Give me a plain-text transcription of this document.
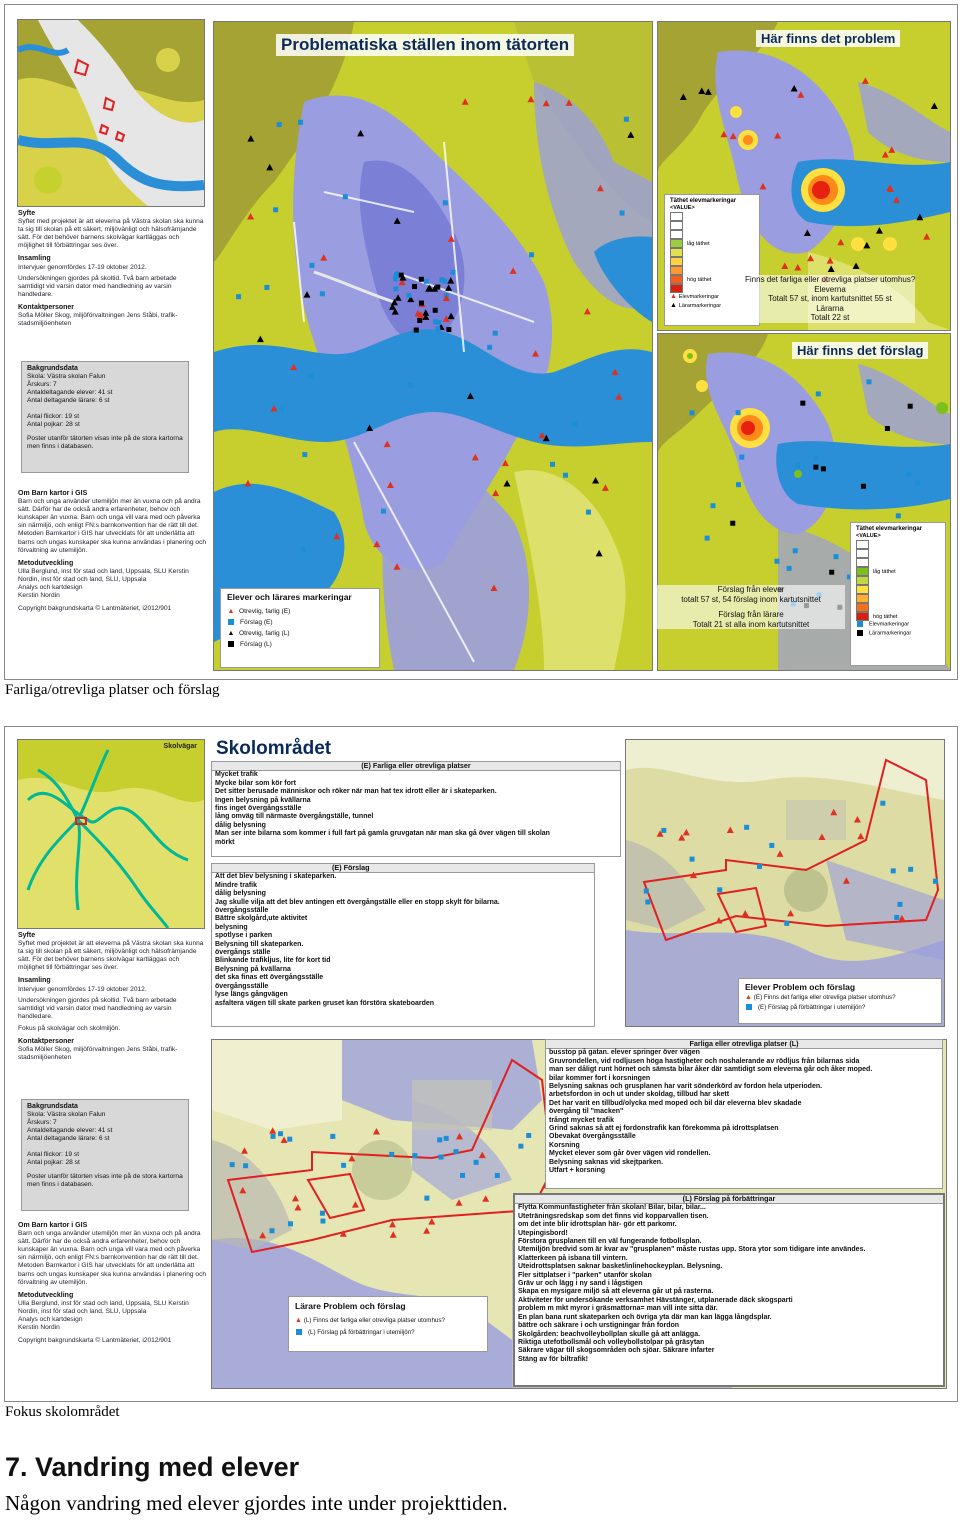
Syfte

Syftet med projektet är att eleverna på Västra skolan ska kunna ta sig till skolan på ett säkert, miljövänligt och hälsofrämjande sätt. För det behöver barnens skolvägar kartläggas och möjlighet till förbättringar ses över.

Insamling

Intervjuer genomfördes 17-19 oktober 2012.

Undersökningen gjordes på skoltid. Två barn arbetade samtidigt vid varsin dator med handledning av varsin handledare.

Kontaktpersoner

Sofia Möller Skog, miljöförvaltningen Jens Ståbi, trafik- stadsmiljöenheten

Bakgrundsdata
Skola: Västra skolan Falun
Årskurs: 7
Antaldeltagande elever: 41 st
Antal deltagande lärare: 6 st
Antal flickor: 19 st
Antal pojkar: 28 st
Poster utanför tätorten visas inte på de stora kartorna men finns i databasen.
Om Barn kartor i GIS

Barn och unga använder utemiljön mer än vuxna och på andra sätt. Därför har de också andra erfarenheter, behov och kunskaper än vuxna. Barn och unga vill vara med och påverka sin närmiljö, och enligt FN:s barnkonvention har de rätt till det. Metoden Barnkartor i GIS har utvecklats för att underlätta att barns och ungas kunskaper ska kunna användas i planering och förvaltning av utemiljön.

Metodutveckling

Ulla Berglund, inst för stad och land, Uppsala, SLU Kerstin Nordin, inst för stad och land, SLU, Uppsala

Analys och kartdesign

Kerstin Nordin

Copyright bakgrundskarta © Lantmäteriet, i2012/901

Problematiska ställen inom tätorten
Elever och lärares markeringar
▲ Otrevlig, farlig (E)
Förslag (E)
▲ Otrevlig, farlig (L)
Förslag (L)
Här finns det problem
Täthet elevmarkeringar
<VALUE>
låg täthet
hög täthet
▲ Elevmarkeringar
▲ Lärarmarkeringar
Finns det farliga eller otrevliga platser utomhus?
Eleverna
Totalt 57 st, inom kartutsnittet 55 st
Lärarna
Totalt 22 st
Här finns det förslag
Täthet elevmarkeringar
<VALUE>
låg täthet
hög täthet
Elevmarkeringar
Lärarmarkeringar
Förslag från elever
totalt 57 st, 54 förslag inom kartutsnittet
Förslag från lärare
Totalt 21 st alla inom kartutsnittet
Farliga/otrevliga platser och förslag
Skolvägar
Syfte

Syftet med projektet är att eleverna på Västra skolan ska kunna ta sig till skolan på ett säkert, miljövänligt och hälsofrämjande sätt. För det behöver barnens skolvägar kartläggas och möjlighet till förbättringar ses över.

Insamling

Intervjuer genomfördes 17-19 oktober 2012.

Undersökningen gjordes på skoltid. Två barn arbetade samtidigt vid varsin dator med handledning av varsin handledare.

Fokus på skolvägar och skolmiljön.

Kontaktpersoner

Sofia Möller Skog, miljöförvaltningen Jens Ståbi, trafik- stadsmiljöenheten

Bakgrundsdata
Skola: Västra skolan Falun
Årskurs: 7
Antaldeltagande elever: 41 st
Antal deltagande lärare: 6 st
Antal flickor: 19 st
Antal pojkar: 28 st
Poster utanför tätorten visas inte på de stora kartorna men finns i databasen.
Om Barn kartor i GIS

Barn och unga använder utemiljön mer än vuxna och på andra sätt. Därför har de också andra erfarenheter, behov och kunskaper än vuxna. Barn och unga vill vara med och påverka sin närmiljö, och enligt FN:s barnkonvention har de rätt till det. Metoden Barnkartor i GIS har utvecklats för att underlätta att barns och ungas kunskaper ska kunna användas i planering och förvaltning av utemiljön.

Metodutveckling

Ulla Berglund, inst för stad och land, Uppsala, SLU Kerstin Nordin, inst för stad och land, SLU, Uppsala

Analys och kartdesign

Kerstin Nordin

Copyright bakgrundskarta © Lantmäteriet, i2012/901

Skolområdet
(E) Farliga eller otrevliga platser
Mycket trafik
Mycke bilar som kör fort
Det sitter berusade människor och röker när man hat tex idrott eller är i skateparken.
Ingen belysning på kvällarna
fins inget övergångsställe
lång omväg till närmaste övergångställe, tunnel
dålig belysning
Man ser inte bilarna som kommer i full fart på gamla gruvgatan när man ska gå över vägen till skolan
mörkt
(E) Förslag
Att det blev belysning i skateparken.
Mindre trafik
dålig belysning
Jag skulle vilja att det blev antingen ett övergångställe eller en stopp skylt för bilarna.
övergångsställe
Bättre skolgård,ute aktivitet
belysning
spotlyse i parken
Belysning till skateparken.
övergångs ställe
Blinkande trafikljus, lite för kort tid
Belysning på kvällarna
det ska finas ett övergångsställe
övergångsställe
lyse längs gångvägen
asfaltera vägen till skate parken gruset kan förstöra skateboarden
Elever Problem och förslag
▲ (E) Finns det farliga eller otrevliga platser utomhus?
(E) Förslag på förbättringar i utemiljön?
Lärare Problem och förslag
▲ (L) Finns det farliga eller otrevliga platser utomhus?
(L) Förslag på förbättringar i utemiljön?
Farliga eller otrevliga platser (L)
busstop på gatan. elever springer över vägen
Gruvrondellen, vid rodljusen höga hastigheter och noshalerande av rödljus från bilarnas sida
man ser dåligt runt hörnet och sämsta bilar åker där samtidigt som eleverna går och åker moped.
bilar kommer fort i korsningen
Belysning saknas och grusplanen har varit sönderkörd av fordon hela utperioden.
arbetsfordon in och ut under skoldag, tillbud har skett
Det har varit en tillbud/olycka med moped och bil där eleverna blev skadade
övergång til "macken"
trångt mycket trafik
Grind saknas så att ej fordonstrafik kan förekomma på idrottsplatsen
Obevakat övergångsställe
Korsning
Mycket elever som går över vägen vid rondellen.
Belysning saknas vid skejtparken.
Utfart + korsning
(L) Förslag på förbättringar
Flytta Kommunfastigheter från skolan! Bilar, bilar, bilar...
Uteträningsredskap som det finns vid kopparvallen tisen.
om det inte blir idrottsplan här- gör ett parkomr.
Utepingisbord!
Förstora grusplanen till en väl fungerande fotbollsplan.
Utemiljön bredvid som är kvar av "grusplanen" måste rustas upp. Stora ytor som tidigare inte användes.
Klatterkeen på isbana till vintern.
Uteidrottsplatsen saknar basket/inlinehockeyplan. Belysning.
Fler sittplatser i "parken" utanför skolan
Gräv ur och lägg i ny sand i lågstigen
Skapa en mysigare miljö så att eleverna går ut på rasterna.
Aktiviteter för undersökande verksamhet Hävstänger, utplanerade däck skogsparti
problem m mkt myror i gräsmattorna= man vill inte sitta där.
En plan bana runt skateparken och övriga yta där man kan lägga långdsplar.
bättre och säkrare i och urstigningar från fordon
Skolgården: beachvolleybollplan skulle gå att anlägga.
Riktiga utefotbollsmål och volleybollstolpar på gräsytan
Säkrare vägar till skogsområden och sjöar. Säkrare infarter
Stäng av för biltrafik!
Fokus skolområdet
7. Vandring med elever
Någon vandring med elever gjordes inte under projekttiden.
